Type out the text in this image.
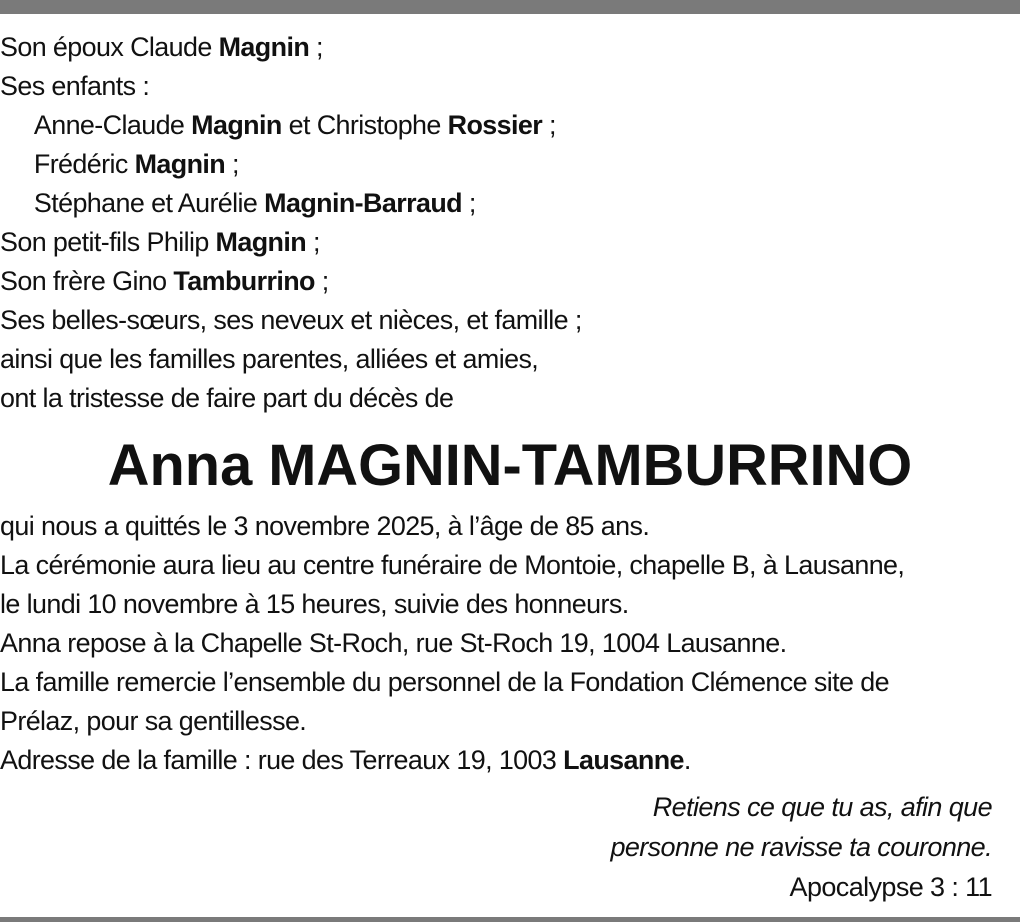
Son époux Claude Magnin ;
Ses enfants :
Anne-Claude Magnin et Christophe Rossier ;
Frédéric Magnin ;
Stéphane et Aurélie Magnin-Barraud ;
Son petit-fils Philip Magnin ;
Son frère Gino Tamburrino ;
Ses belles-sœurs, ses neveux et nièces, et famille ;
ainsi que les familles parentes, alliées et amies,
ont la tristesse de faire part du décès de
Anna MAGNIN-TAMBURRINO
qui nous a quittés le 3 novembre 2025, à l’âge de 85 ans.
La cérémonie aura lieu au centre funéraire de Montoie, chapelle B, à Lausanne,
le lundi 10 novembre à 15 heures, suivie des honneurs.
Anna repose à la Chapelle St-Roch, rue St-Roch 19, 1004 Lausanne.
La famille remercie l’ensemble du personnel de la Fondation Clémence site de
Prélaz, pour sa gentillesse.
Adresse de la famille : rue des Terreaux 19, 1003 Lausanne.
Retiens ce que tu as, afin que
personne ne ravisse ta couronne.
Apocalypse 3 : 11
